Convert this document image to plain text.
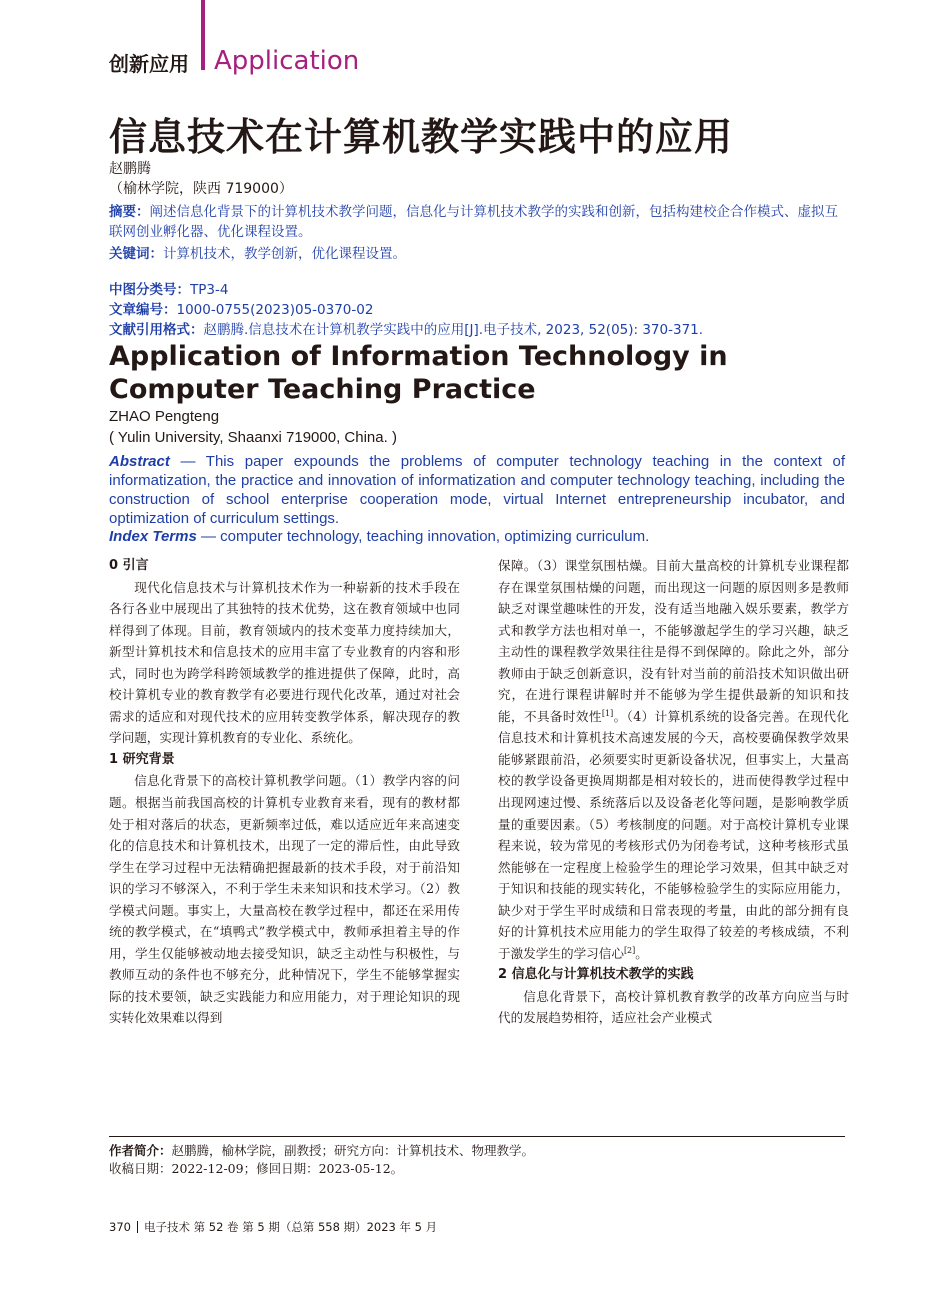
创新应用 Application
信息技术在计算机教学实践中的应用
赵鹏腾
（榆林学院，陕西 719000）
摘要：阐述信息化背景下的计算机技术教学问题，信息化与计算机技术教学的实践和创新，包括构建校企合作模式、虚拟互联网创业孵化器、优化课程设置。
关键词：计算机技术，教学创新，优化课程设置。
中图分类号：TP3-4
文章编号：1000-0755(2023)05-0370-02
文献引用格式：赵鹏腾.信息技术在计算机教学实践中的应用[J].电子技术, 2023, 52(05): 370-371.
Application of Information Technology in Computer Teaching Practice
ZHAO Pengteng
( Yulin University, Shaanxi 719000, China. )
Abstract — This paper expounds the problems of computer technology teaching in the context of informatization, the practice and innovation of informatization and computer technology teaching, including the construction of school enterprise cooperation mode, virtual Internet entrepreneurship incubator, and optimization of curriculum settings.
Index Terms — computer technology, teaching innovation, optimizing curriculum.
0 引言
现代化信息技术与计算机技术作为一种崭新的技术手段在各行各业中展现出了其独特的技术优势，这在教育领域中也同样得到了体现。目前，教育领域内的技术变革力度持续加大，新型计算机技术和信息技术的应用丰富了专业教育的内容和形式，同时也为跨学科跨领域教学的推进提供了保障，此时，高校计算机专业的教育教学有必要进行现代化改革，通过对社会需求的适应和对现代技术的应用转变教学体系，解决现存的教学问题，实现计算机教育的专业化、系统化。
1 研究背景
信息化背景下的高校计算机教学问题。（1）教学内容的问题。根据当前我国高校的计算机专业教育来看，现有的教材都处于相对落后的状态，更新频率过低，难以适应近年来高速变化的信息技术和计算机技术，出现了一定的滞后性，由此导致学生在学习过程中无法精确把握最新的技术手段，对于前沿知识的学习不够深入，不利于学生未来知识和技术学习。（2）教学模式问题。事实上，大量高校在教学过程中，都还在采用传统的教学模式，在“填鸭式”教学模式中，教师承担着主导的作用，学生仅能够被动地去接受知识，缺乏主动性与积极性，与教师互动的条件也不够充分，此种情况下，学生不能够掌握实际的技术要领，缺乏实践能力和应用能力，对于理论知识的现实转化效果难以得到
保障。（3）课堂氛围枯燥。目前大量高校的计算机专业课程都存在课堂氛围枯燥的问题，而出现这一问题的原因则多是教师缺乏对课堂趣味性的开发，没有适当地融入娱乐要素，教学方式和教学方法也相对单一，不能够激起学生的学习兴趣，缺乏主动性的课程教学效果往往是得不到保障的。除此之外，部分教师由于缺乏创新意识，没有针对当前的前沿技术知识做出研究，在进行课程讲解时并不能够为学生提供最新的知识和技能，不具备时效性[1]。（4）计算机系统的设备完善。在现代化信息技术和计算机技术高速发展的今天，高校要确保教学效果能够紧跟前沿，必须要实时更新设备状况，但事实上，大量高校的教学设备更换周期都是相对较长的，进而使得教学过程中出现网速过慢、系统落后以及设备老化等问题，是影响教学质量的重要因素。（5）考核制度的问题。对于高校计算机专业课程来说，较为常见的考核形式仍为闭卷考试，这种考核形式虽然能够在一定程度上检验学生的理论学习效果，但其中缺乏对于知识和技能的现实转化，不能够检验学生的实际应用能力，缺少对于学生平时成绩和日常表现的考量，由此的部分拥有良好的计算机技术应用能力的学生取得了较差的考核成绩，不利于激发学生的学习信心[2]。
2 信息化与计算机技术教学的实践
信息化背景下，高校计算机教育教学的改革方向应当与时代的发展趋势相符，适应社会产业模式
作者简介：赵鹏腾，榆林学院，副教授；研究方向：计算机技术、物理教学。
收稿日期：2022-12-09；修回日期：2023-05-12。
370 电子技术 第 52 卷 第 5 期（总第 558 期）2023 年 5 月
